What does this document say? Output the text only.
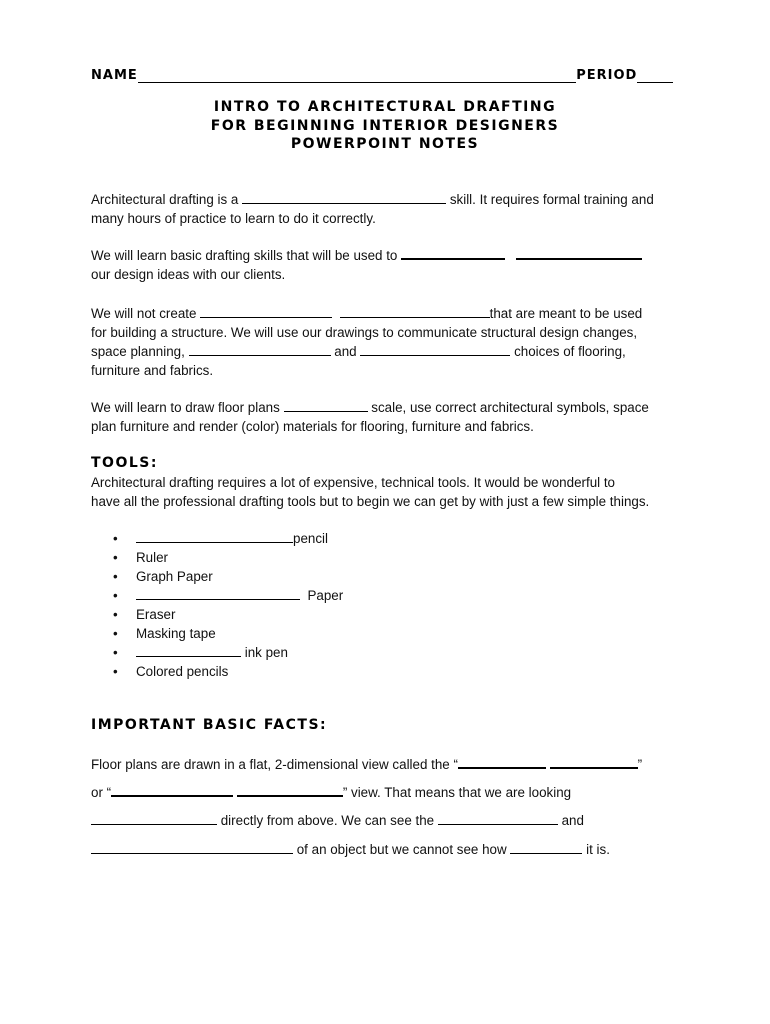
NAME	PERIOD
INTRO TO ARCHITECTURAL DRAFTING
FOR BEGINNING INTERIOR DESIGNERS
POWERPOINT NOTES
Architectural drafting is a	skill. It requires formal training and
many hours of practice to learn to do it correctly.
We will learn basic drafting skills that will be used to
our design ideas with our clients.
We will not create	that are meant to be used
for building a structure. We will use our drawings to communicate structural design changes,
space planning,	and	choices of flooring,
furniture and fabrics.
We will learn to draw floor plans	scale, use correct architectural symbols, space
plan furniture and render (color) materials for flooring, furniture and fabrics.
TOOLS:
Architectural drafting requires a lot of expensive, technical tools. It would be wonderful to
have all the professional drafting tools but to begin we can get by with just a few simple things.
•	pencil
• Ruler
• Graph Paper
•	Paper
• Eraser
• Masking tape
•	ink pen
• Colored pencils
IMPORTANT BASIC FACTS:
Floor plans are drawn in a flat, 2-dimensional view called the “	”
or “	” view. That means that we are looking
directly from above. We can see the	and
of an object but we cannot see how	it is.
